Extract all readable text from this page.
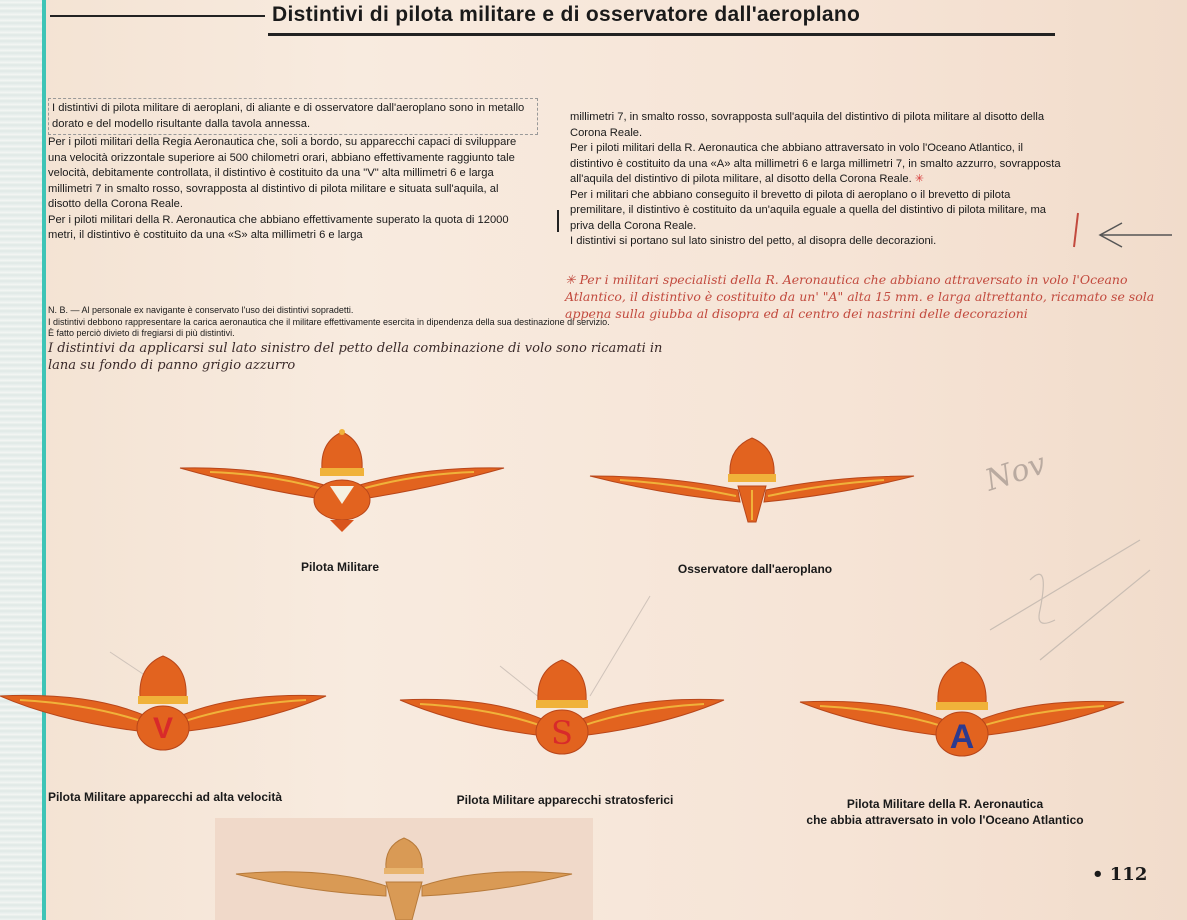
Distintivi di pilota militare e di osservatore dall'aeroplano

I distintivi di pilota militare di aeroplani, di aliante e di osservatore dall'aeroplano sono in metallo dorato e del modello risultante dalla tavola annessa.

Per i piloti militari della Regia Aeronautica che, soli a bordo, su apparecchi capaci di sviluppare una velocità orizzontale superiore ai 500 chilometri orari, abbiano effettivamente raggiunto tale velocità, debitamente controllata, il distintivo è costituito da una "V" alta millimetri 6 e larga millimetri 7 in smalto rosso, sovrapposta al distintivo di pilota militare e situata sull'aquila, al disotto della Corona Reale.

Per i piloti militari della R. Aeronautica che abbiano effettivamente superato la quota di 12000 metri, il distintivo è costituito da una «S» alta millimetri 6 e larga

millimetri 7, in smalto rosso, sovrapposta sull'aquila del distintivo di pilota militare al disotto della Corona Reale.

Per i piloti militari della R. Aeronautica che abbiano attraversato in volo l'Oceano Atlantico, il distintivo è costituito da una «A» alta millimetri 6 e larga millimetri 7, in smalto azzurro, sovrapposta all'aquila del distintivo di pilota militare, al disotto della Corona Reale. ✳

Per i militari che abbiano conseguito il brevetto di pilota di aeroplano o il brevetto di pilota premilitare, il distintivo è costituito da un'aquila eguale a quella del distintivo di pilota militare, ma priva della Corona Reale.

I distintivi si portano sul lato sinistro del petto, al disopra delle decorazioni.

✳ Per i militari specialisti della R. Aeronautica che abbiano attraversato in volo l'Oceano Atlantico, il distintivo è costituito da un' "A" alta 15 mm. e larga altrettanto, ricamato se sola appena sulla giubba al disopra ed al centro dei nastrini delle decorazioni

N. B. — Al personale ex navigante è conservato l'uso dei distintivi sopradetti.

I distintivi debbono rappresentare la carica aeronautica che il militare effettivamente esercita in dipendenza della sua destinazione di servizio.

È fatto perciò divieto di fregiarsi di più distintivi.

I distintivi da applicarsi sul lato sinistro del petto della combinazione di volo sono ricamati in lana su fondo di panno grigio azzurro

Nov
Pilota Militare	Osservatore dall'aeroplano
V
Pilota Militare apparecchi ad alta velocità
S
Pilota Militare apparecchi stratosferici
A
Pilota Militare della R. Aeronautica
che abbia attraversato in volo l'Oceano Atlantico
• 112
